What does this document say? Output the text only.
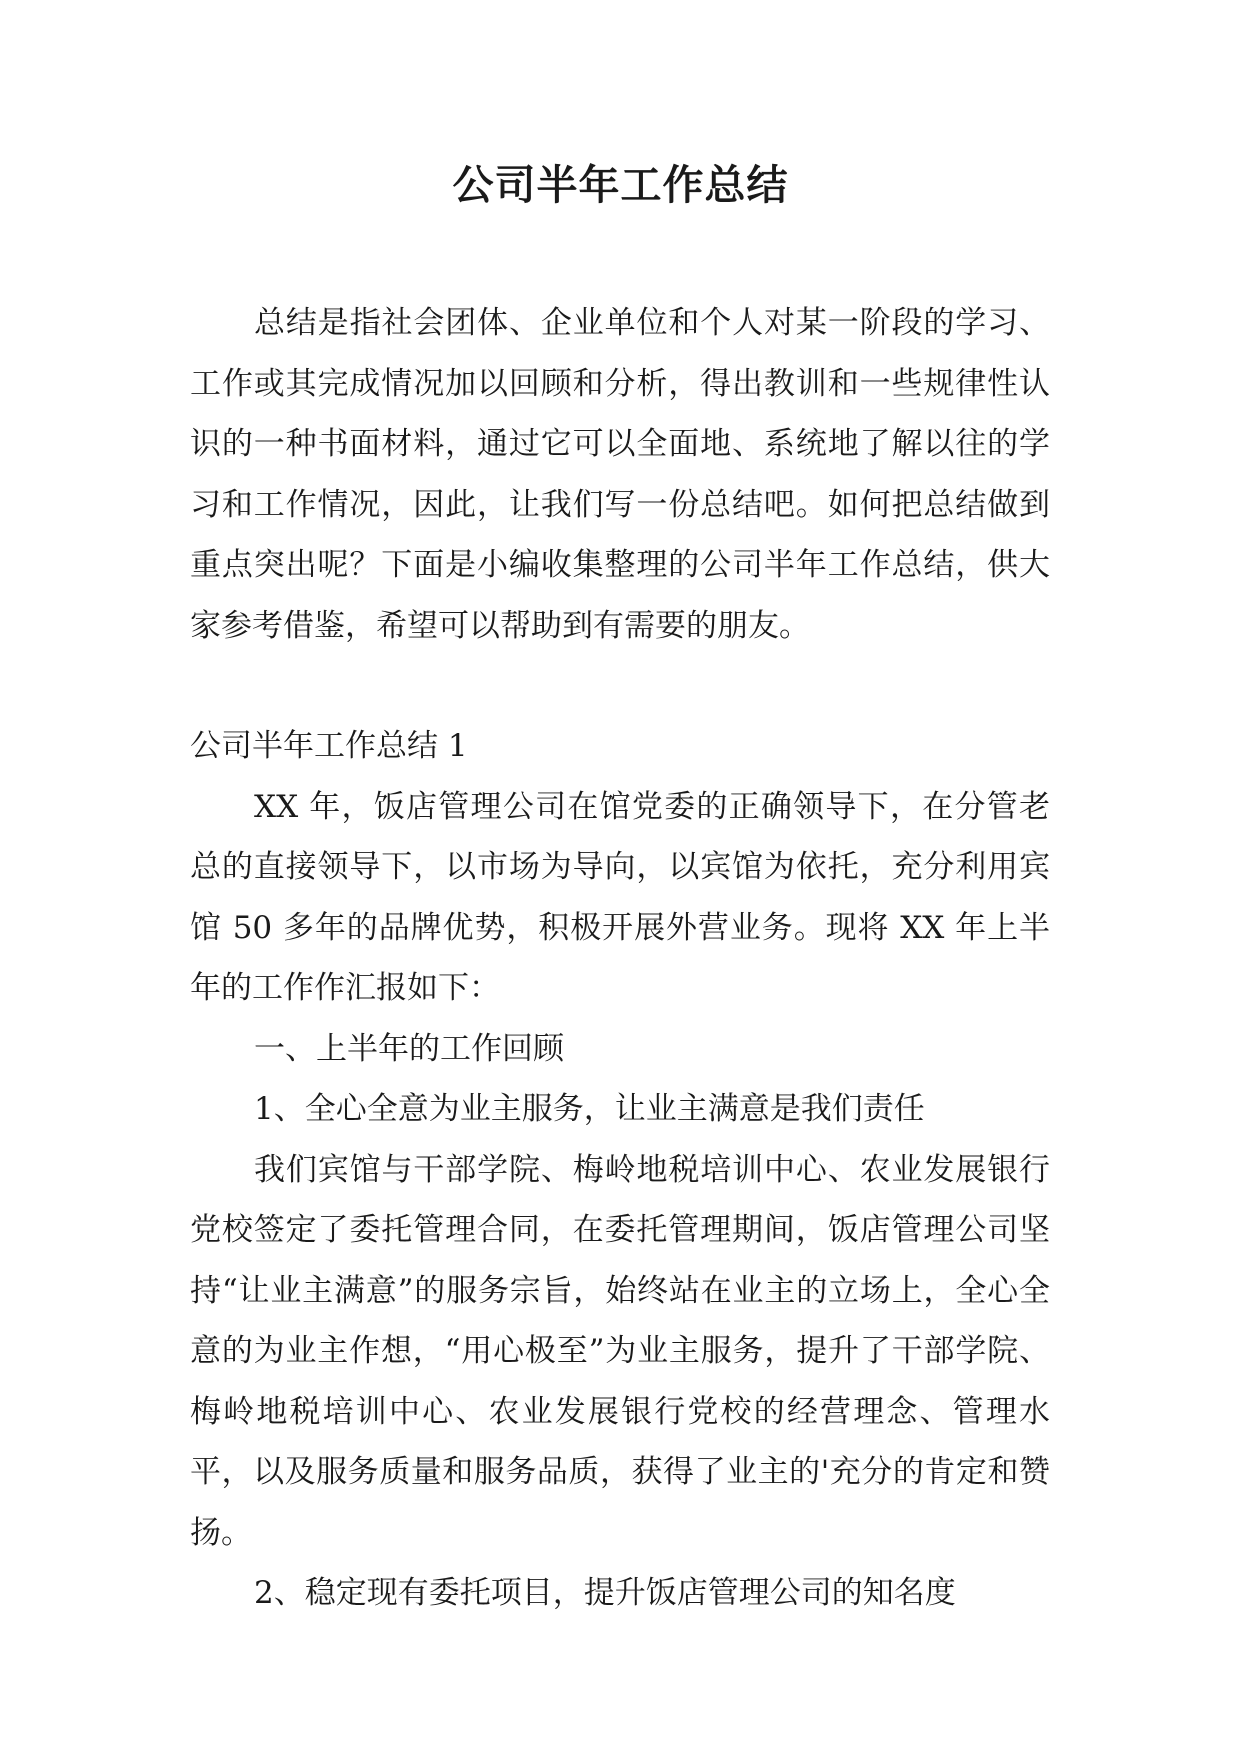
公司半年工作总结

总结是指社会团体、企业单位和个人对某一阶段的学习、工作或其完成情况加以回顾和分析，得出教训和一些规律性认识的一种书面材料，通过它可以全面地、系统地了解以往的学习和工作情况，因此，让我们写一份总结吧。如何把总结做到重点突出呢？下面是小编收集整理的公司半年工作总结，供大家参考借鉴，希望可以帮助到有需要的朋友。

公司半年工作总结 1

XX 年，饭店管理公司在馆党委的正确领导下，在分管老总的直接领导下，以市场为导向，以宾馆为依托，充分利用宾馆 50 多年的品牌优势，积极开展外营业务。现将 XX 年上半年的工作作汇报如下：

一、上半年的工作回顾

1、全心全意为业主服务，让业主满意是我们责任

我们宾馆与干部学院、梅岭地税培训中心、农业发展银行党校签定了委托管理合同，在委托管理期间，饭店管理公司坚持“让业主满意”的服务宗旨，始终站在业主的立场上，全心全意的为业主作想，“用心极至”为业主服务，提升了干部学院、梅岭地税培训中心、农业发展银行党校的经营理念、管理水平，以及服务质量和服务品质，获得了业主的'充分的肯定和赞扬。

2、稳定现有委托项目，提升饭店管理公司的知名度
